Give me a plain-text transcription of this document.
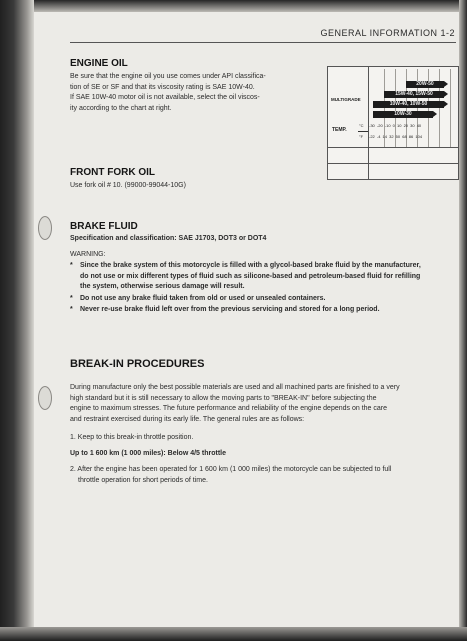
GENERAL INFORMATION 1-2
ENGINE OIL
Be sure that the engine oil you use comes under API classifica-
tion of SE or SF and that its viscosity rating is SAE 10W-40.
If SAE 10W-40 motor oil is not available, select the oil viscos-
ity according to the chart at right.
MULTIGRADE
20W-50
15W-40, 15W-50
10W-40, 10W-50
10W-30
TEMP.
°C -30 -20 -10 0 10 20 30 40
°F -22 -4 14 32 50 68 86 104
FRONT FORK OIL
Use fork oil # 10. (99000-99044-10G)
BRAKE FLUID
Specification and classification: SAE J1703, DOT3 or DOT4
WARNING:
*	Since the brake system of this motorcycle is filled with a glycol-based brake fluid by the manufacturer,
do not use or mix different types of fluid such as silicone-based and petroleum-based fluid for refilling
the system, otherwise serious damage will result.
*	Do not use any brake fluid taken from old or used or unsealed containers.
*	Never re-use brake fluid left over from the previous servicing and stored for a long period.
BREAK-IN PROCEDURES
During manufacture only the best possible materials are used and all machined parts are finished to a very
high standard but it is still necessary to allow the moving parts to "BREAK-IN" before subjecting the
engine to maximum stresses. The future performance and reliability of the engine depends on the care
and restraint exercised during its early life. The general rules are as follows:
1. Keep to this break-in throttle position.
Up to 1 600 km (1 000 miles): Below 4/5 throttle
2. After the engine has been operated for 1 600 km (1 000 miles) the motorcycle can be subjected to full
throttle operation for short periods of time.
